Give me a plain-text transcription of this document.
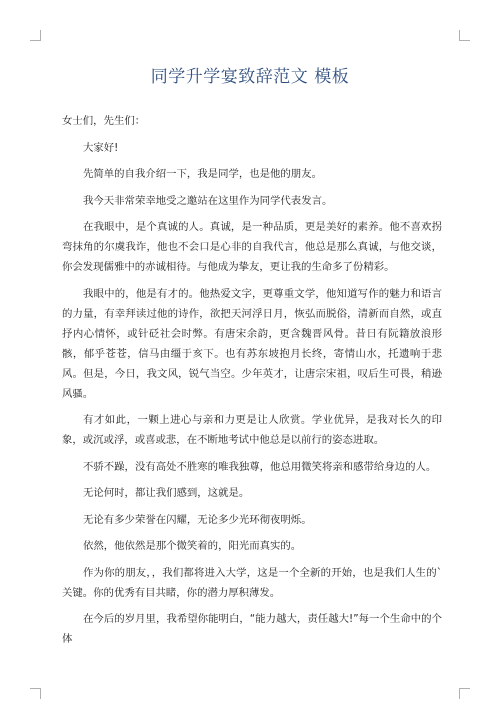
同学升学宴致辞范文 模板

女士们，先生们：

大家好!

先简单的自我介绍一下，我是同学，也是他的朋友。

我今天非常荣幸地受之邀站在这里作为同学代表发言。

在我眼中，是个真诚的人。真诚，是一种品质，更是美好的素养。他不喜欢拐弯抹角的尔虞我诈，他也不会口是心非的自我代言，他总是那么真诚，与他交谈，你会发现儒雅中的赤诚相待。与他成为挚友，更让我的生命多了份精彩。

我眼中的，他是有才的。他热爱文字，更尊重文学，他知道写作的魅力和语言的力量，有幸拜读过他的诗作，欲把天河浮日月，恢弘而脱俗，清新而自然，或直抒内心情怀，或针砭社会时弊。有唐宋余韵，更含魏晋风骨。昔日有阮籍放浪形骸，郁乎苍苍，信马由缰于亥下。也有苏东坡抱月长终，寄情山水，托遗响于悲风。但是，今日，我文风，锐气当空。少年英才，让唐宗宋祖，叹后生可畏，稍逊风骚。

有才如此，一颗上进心与亲和力更是让人欣赏。学业优异，是我对长久的印象，或沉或浮，或喜或悲，在不断地考试中他总是以前行的姿态进取。

不骄不躁，没有高处不胜寒的唯我独尊，他总用微笑将亲和感带给身边的人。

无论何时，都让我们感到，这就是。

无论有多少荣誉在闪耀，无论多少光环彻夜明烁。

依然，他依然是那个微笑着的，阳光而真实的。

作为你的朋友，，我们都将进入大学，这是一个全新的开始，也是我们人生的`关键。你的优秀有目共睹，你的潜力厚积薄发。

在今后的岁月里，我希望你能明白，“能力越大，责任越大!”每一个生命中的个体
